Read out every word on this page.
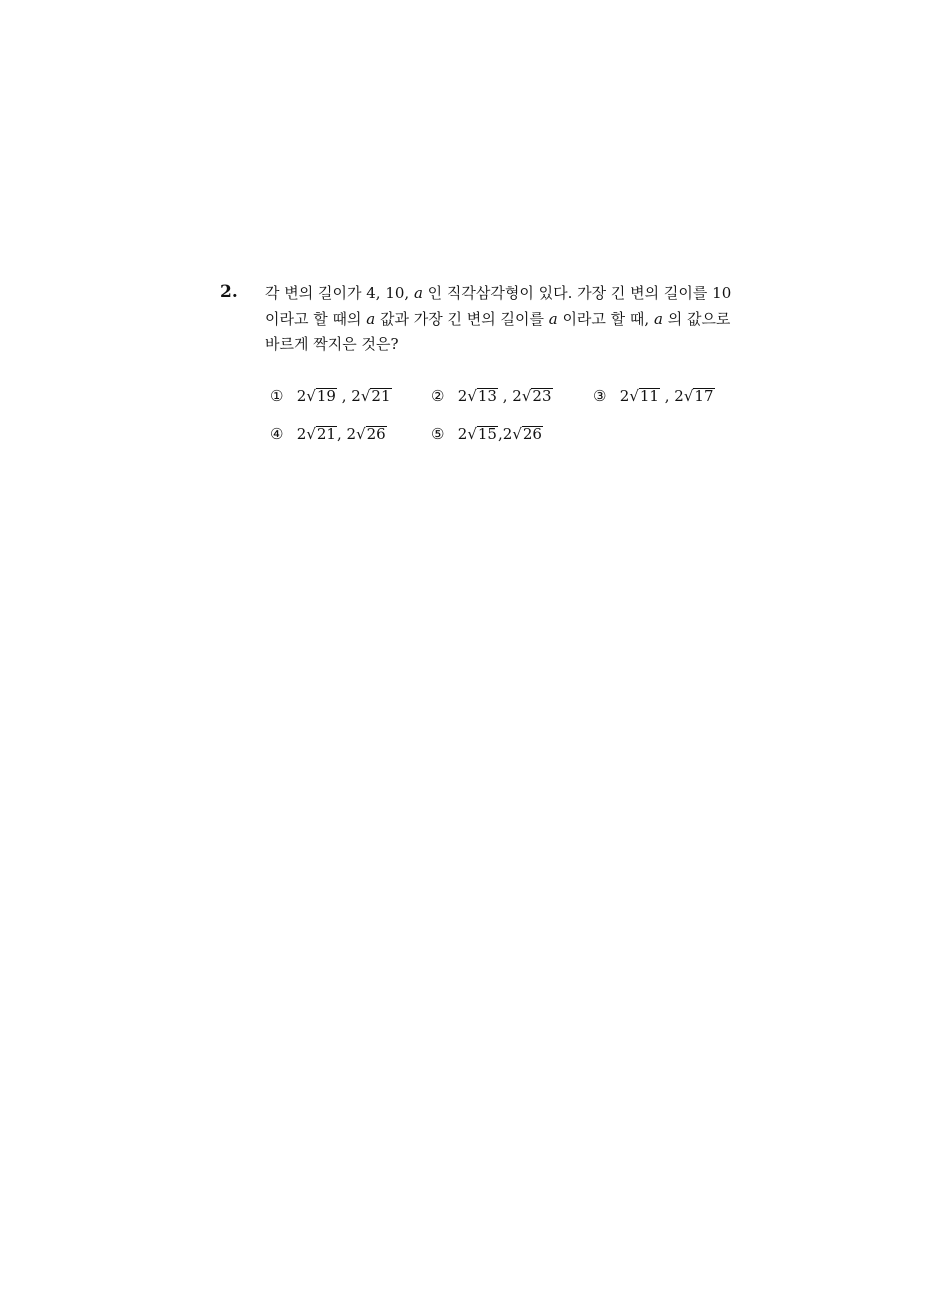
2. 각 변의 길이가 4, 10, a 인 직각삼각형이 있다. 가장 긴 변의 길이를 10
이라고 할 때의 a 값과 가장 긴 변의 길이를 a 이라고 할 때, a 의 값으로
바르게 짝지은 것은?
① 2√19 , 2√21	② 2√13 , 2√23	③ 2√11 , 2√17
④ 2√21, 2√26	⑤ 2√15,2√26
